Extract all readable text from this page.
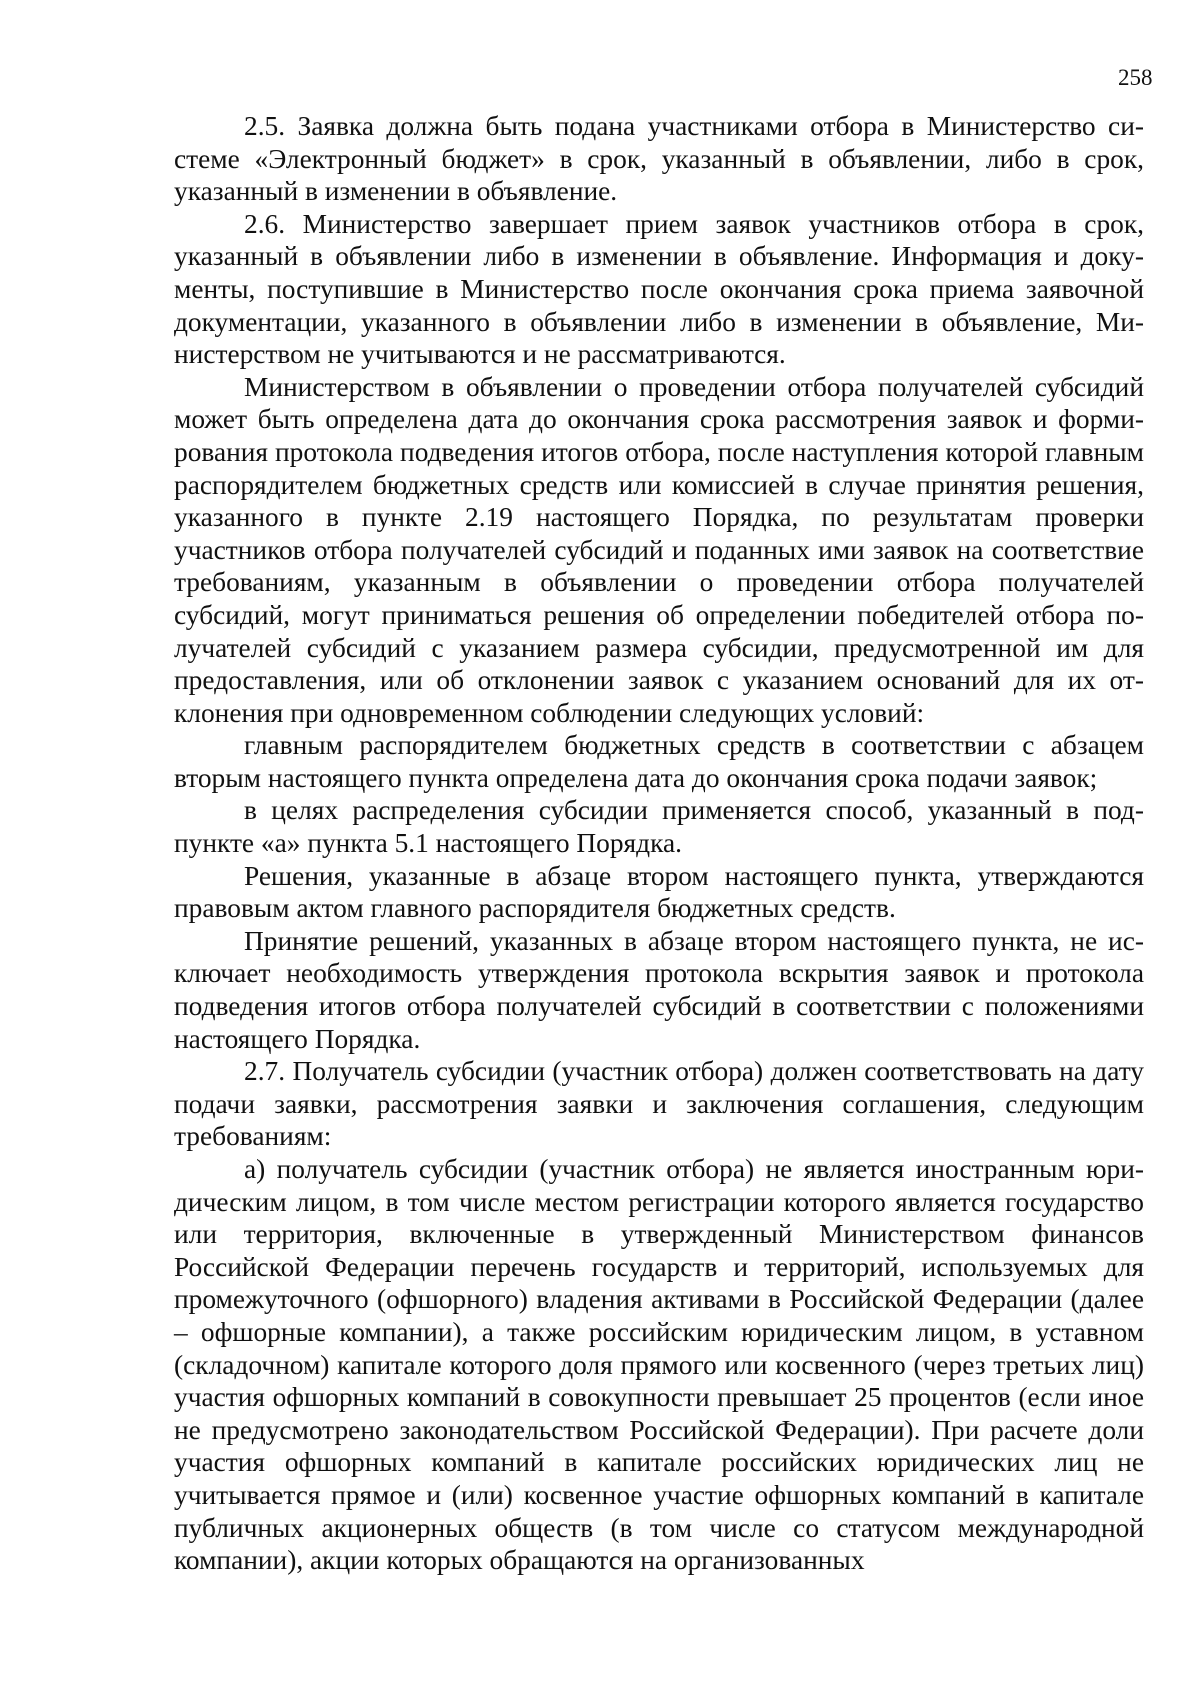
258

2.5. Заявка должна быть подана участниками отбора в Министерство системе «Электронный бюджет» в срок, указанный в объявлении, либо в срок, указанный в изменении в объявление.

2.6. Министерство завершает прием заявок участников отбора в срок, указанный в объявлении либо в изменении в объявление. Информация и документы, поступившие в Министерство после окончания срока приема заявочной документации, указанного в объявлении либо в изменении в объявление, Министерством не учитываются и не рассматриваются.

Министерством в объявлении о проведении отбора получателей субсидий может быть определена дата до окончания срока рассмотрения заявок и формирования протокола подведения итогов отбора, после наступления которой главным распорядителем бюджетных средств или комиссией в случае принятия решения, указанного в пункте 2.19 настоящего Порядка, по результатам проверки участников отбора получателей субсидий и поданных ими заявок на соответствие требованиям, указанным в объявлении о проведении отбора получателей субсидий, могут приниматься решения об определении победителей отбора получателей субсидий с указанием размера субсидии, предусмотренной им для предоставления, или об отклонении заявок с указанием оснований для их отклонения при одновременном соблюдении следующих условий:

главным распорядителем бюджетных средств в соответствии с абзацем вторым настоящего пункта определена дата до окончания срока подачи заявок;

в целях распределения субсидии применяется способ, указанный в подпункте «а» пункта 5.1 настоящего Порядка.

Решения, указанные в абзаце втором настоящего пункта, утверждаются правовым актом главного распорядителя бюджетных средств.

Принятие решений, указанных в абзаце втором настоящего пункта, не исключает необходимость утверждения протокола вскрытия заявок и протокола подведения итогов отбора получателей субсидий в соответствии с положениями настоящего Порядка.

2.7. Получатель субсидии (участник отбора) должен соответствовать на дату подачи заявки, рассмотрения заявки и заключения соглашения, следующим требованиям:

а) получатель субсидии (участник отбора) не является иностранным юридическим лицом, в том числе местом регистрации которого является государство или территория, включенные в утвержденный Министерством финансов Российской Федерации перечень государств и территорий, используемых для промежуточного (офшорного) владения активами в Российской Федерации (далее – офшорные компании), а также российским юридическим лицом, в уставном (складочном) капитале которого доля прямого или косвенного (через третьих лиц) участия офшорных компаний в совокупности превышает 25 процентов (если иное не предусмотрено законодательством Российской Федерации). При расчете доли участия офшорных компаний в капитале российских юридических лиц не учитывается прямое и (или) косвенное участие офшорных компаний в капитале публичных акционерных обществ (в том числе со статусом международной компании), акции которых обращаются на организованных
